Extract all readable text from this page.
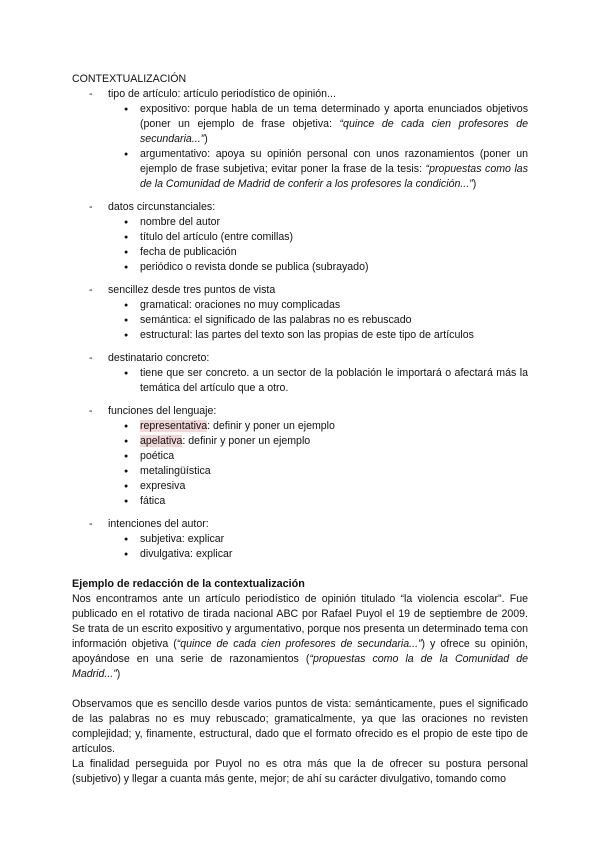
CONTEXTUALIZACIÓN
- tipo de artículo: artículo periodístico de opinión...
● expositivo: porque habla de un tema determinado y aporta enunciados objetivos (poner un ejemplo de frase objetiva: “quince de cada cien profesores de secundaria...”)
● argumentativo: apoya su opinión personal con unos razonamientos (poner un ejemplo de frase subjetiva; evitar poner la frase de la tesis: “propuestas como las de la Comunidad de Madrid de conferir a los profesores la condición...”)
- datos circunstanciales:
● nombre del autor
● título del artículo (entre comillas)
● fecha de publicación
● periódico o revista donde se publica (subrayado)
- sencillez desde tres puntos de vista
● gramatical: oraciones no muy complicadas
● semántica: el significado de las palabras no es rebuscado
● estructural: las partes del texto son las propias de este tipo de artículos
- destinatario concreto:
● tiene que ser concreto. a un sector de la población le importará o afectará más la temática del artículo que a otro.
- funciones del lenguaje:
● representativa: definir y poner un ejemplo
● apelativa: definir y poner un ejemplo
● poética
● metalingüística
● expresiva
● fática
- intenciones del autor:
● subjetiva: explicar
● divulgativa: explicar
Ejemplo de redacción de la contextualización

Nos encontramos ante un artículo periodístico de opinión titulado “la violencia escolar”. Fue publicado en el rotativo de tirada nacional ABC por Rafael Puyol el 19 de septiembre de 2009. Se trata de un escrito expositivo y argumentativo, porque nos presenta un determinado tema con información objetiva (“quince de cada cien profesores de secundaria...”) y ofrece su opinión, apoyándose en una serie de razonamientos (“propuestas como la de la Comunidad de Madrid...”)

Observamos que es sencillo desde varios puntos de vista: semánticamente, pues el significado de las palabras no es muy rebuscado; gramaticalmente, ya que las oraciones no revisten complejidad; y, finamente, estructural, dado que el formato ofrecido es el propio de este tipo de artículos.

La finalidad perseguida por Puyol no es otra más que la de ofrecer su postura personal (subjetivo) y llegar a cuanta más gente, mejor; de ahí su carácter divulgativo, tomando como
